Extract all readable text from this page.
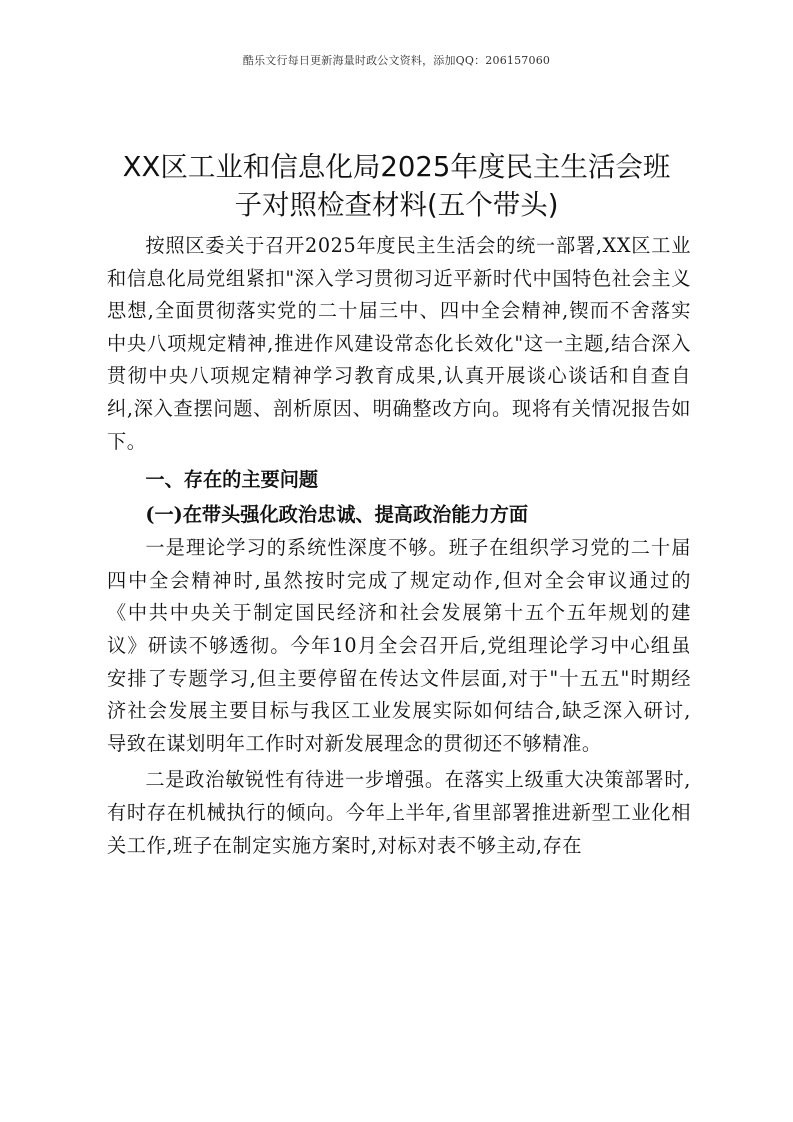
酷乐文行每日更新海量时政公文资料，添加QQ：206157060
XX区工业和信息化局2025年度民主生活会班
子对照检查材料(五个带头)

按照区委关于召开2025年度民主生活会的统一部署,XX区工业和信息化局党组紧扣"深入学习贯彻习近平新时代中国特色社会主义思想,全面贯彻落实党的二十届三中、四中全会精神,锲而不舍落实中央八项规定精神,推进作风建设常态化长效化"这一主题,结合深入贯彻中央八项规定精神学习教育成果,认真开展谈心谈话和自查自纠,深入查摆问题、剖析原因、明确整改方向。现将有关情况报告如下。

一、存在的主要问题

(一)在带头强化政治忠诚、提高政治能力方面

一是理论学习的系统性深度不够。班子在组织学习党的二十届四中全会精神时,虽然按时完成了规定动作,但对全会审议通过的《中共中央关于制定国民经济和社会发展第十五个五年规划的建议》研读不够透彻。今年10月全会召开后,党组理论学习中心组虽安排了专题学习,但主要停留在传达文件层面,对于"十五五"时期经济社会发展主要目标与我区工业发展实际如何结合,缺乏深入研讨,导致在谋划明年工作时对新发展理念的贯彻还不够精准。

二是政治敏锐性有待进一步增强。在落实上级重大决策部署时,有时存在机械执行的倾向。今年上半年,省里部署推进新型工业化相关工作,班子在制定实施方案时,对标对表不够主动,存在
